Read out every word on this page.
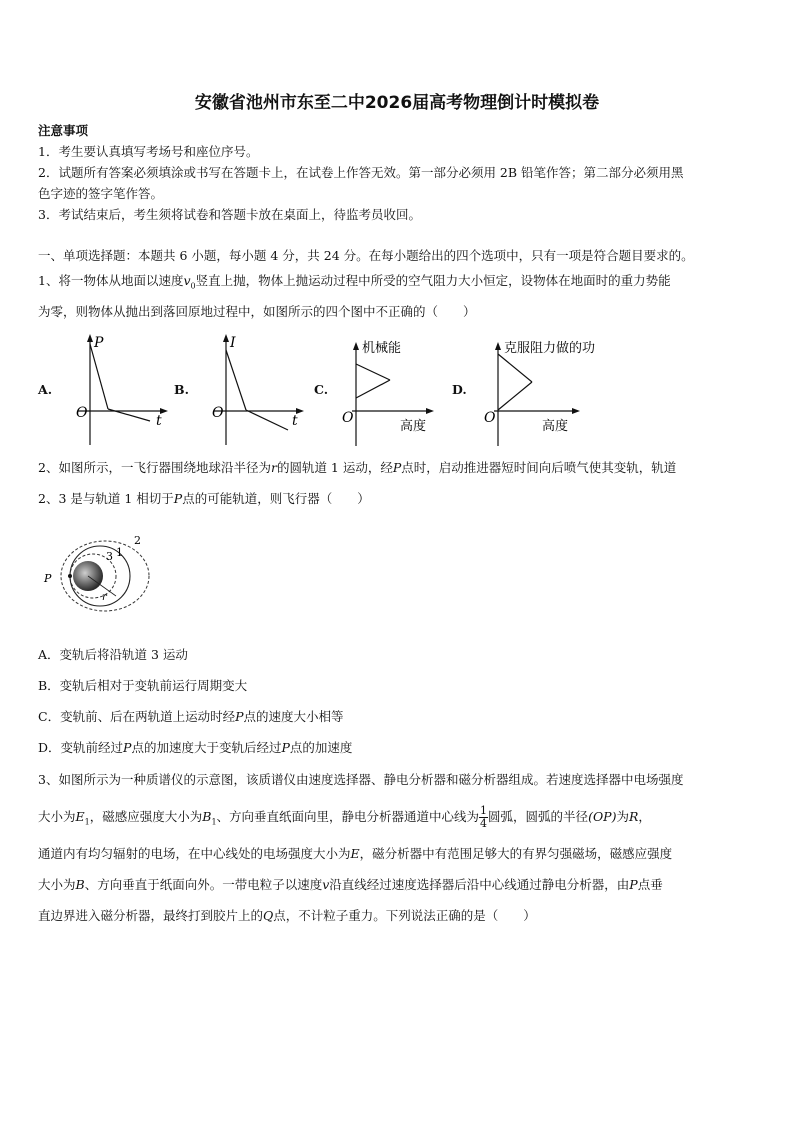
安徽省池州市东至二中2026届高考物理倒计时模拟卷
注意事项
1．考生要认真填写考场号和座位序号。
2．试题所有答案必须填涂或书写在答题卡上，在试卷上作答无效。第一部分必须用 2B 铅笔作答；第二部分必须用黑
色字迹的签字笔作答。
3．考试结束后，考生须将试卷和答题卡放在桌面上，待监考员收回。
一、单项选择题：本题共 6 小题，每小题 4 分，共 24 分。在每小题给出的四个选项中，只有一项是符合题目要求的。
1、将一物体从地面以速度$v_0$竖直上抛，物体上抛运动过程中所受的空气阻力大小恒定，设物体在地面时的重力势能
为零，则物体从抛出到落回原地过程中，如图所示的四个图中不正确的（　　）
A.
P
O	t
B.
I
O	t
C.
机械能
O
高度
D.
克服阻力做的功
O
高度
2、如图所示，一飞行器围绕地球沿半径为r的圆轨道 1 运动，经P点时，启动推进器短时间向后喷气使其变轨，轨道
2、3 是与轨道 1 相切于P点的可能轨道，则飞行器（　　）
P
1
2
3
r
A．变轨后将沿轨道 3 运动
B．变轨后相对于变轨前运行周期变大
C．变轨前、后在两轨道上运动时经P点的速度大小相等
D．变轨前经过P点的加速度大于变轨后经过P点的加速度
3、如图所示为一种质谱仪的示意图，该质谱仪由速度选择器、静电分析器和磁分析器组成。若速度选择器中电场强度
大小为$E_1$，磁感应强度大小为$B_1$、方向垂直纸面向里，静电分析器通道中心线为 $\frac{1}{4}$ 圆弧，圆弧的半径(OP)为R，
通道内有均匀辐射的电场，在中心线处的电场强度大小为E，磁分析器中有范围足够大的有界匀强磁场，磁感应强度
大小为B、方向垂直于纸面向外。一带电粒子以速度v沿直线经过速度选择器后沿中心线通过静电分析器，由P点垂
直边界进入磁分析器，最终打到胶片上的Q点，不计粒子重力。下列说法正确的是（　　）
